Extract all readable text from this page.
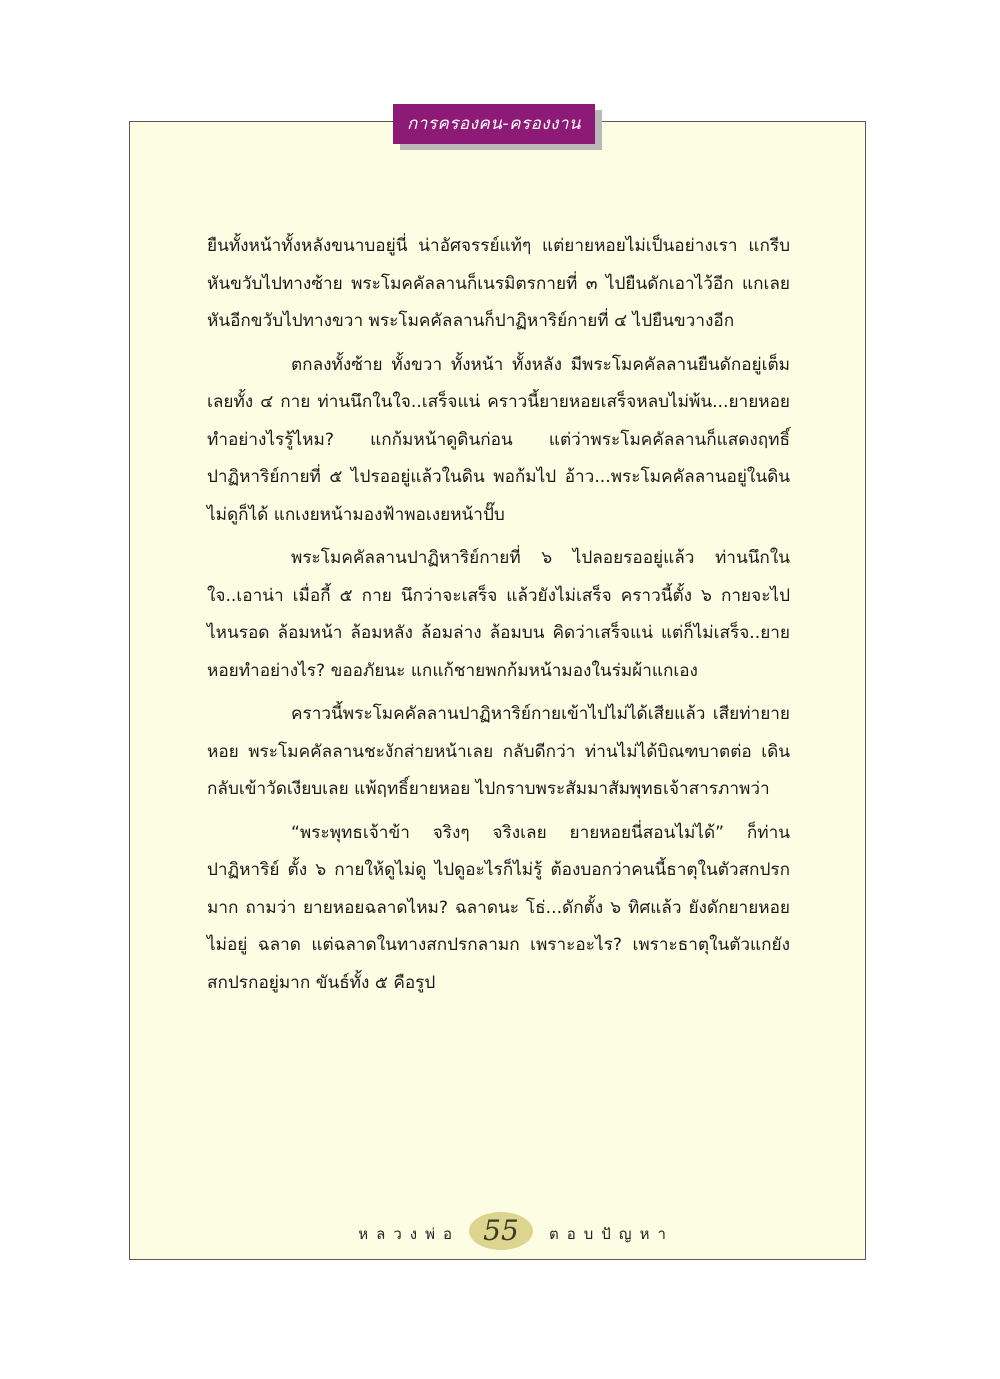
การครองคน-ครองงาน

ยืนทั้งหน้าทั้งหลังขนาบอยู่นี่ น่าอัศจรรย์แท้ๆ แต่ยายหอยไม่เป็นอย่างเรา แกรีบหันขวับไปทางซ้าย พระโมคคัลลานก็เนรมิตรกายที่ ๓ ไปยืนดักเอาไว้อีก แกเลยหันอีกขวับไปทางขวา พระโมคคัลลานก็ปาฏิหาริย์กายที่ ๔ ไปยืนขวางอีก

ตกลงทั้งซ้าย ทั้งขวา ทั้งหน้า ทั้งหลัง มีพระโมคคัลลานยืนดักอยู่เต็มเลยทั้ง ๔ กาย ท่านนึกในใจ..เสร็จแน่ คราวนี้ยายหอยเสร็จหลบไม่พ้น...ยายหอยทำอย่างไรรู้ไหม? แกก้มหน้าดูดินก่อน แต่ว่าพระโมคคัลลานก็แสดงฤทธิ์ปาฏิหาริย์กายที่ ๕ ไปรออยู่แล้วในดิน พอก้มไป อ้าว...พระโมคคัลลานอยู่ในดิน ไม่ดูก็ได้ แกเงยหน้ามองฟ้าพอเงยหน้าปั๊บ

พระโมคคัลลานปาฏิหาริย์กายที่ ๖ ไปลอยรออยู่แล้ว ท่านนึกในใจ..เอาน่า เมื่อกี้ ๕ กาย นึกว่าจะเสร็จ แล้วยังไม่เสร็จ คราวนี้ตั้ง ๖ กายจะไปไหนรอด ล้อมหน้า ล้อมหลัง ล้อมล่าง ล้อมบน คิดว่าเสร็จแน่ แต่ก็ไม่เสร็จ..ยายหอยทำอย่างไร? ขออภัยนะ แกแก้ชายพกก้มหน้ามองในร่มผ้าแกเอง

คราวนี้พระโมคคัลลานปาฏิหาริย์กายเข้าไปไม่ได้เสียแล้ว เสียท่ายายหอย พระโมคคัลลานชะงักส่ายหน้าเลย กลับดีกว่า ท่านไม่ได้บิณฑบาตต่อ เดินกลับเข้าวัดเงียบเลย แพ้ฤทธิ์ยายหอย ไปกราบพระสัมมาสัมพุทธเจ้าสารภาพว่า

“พระพุทธเจ้าข้า จริงๆ จริงเลย ยายหอยนี่สอนไม่ได้” ก็ท่านปาฏิหาริย์ ตั้ง ๖ กายให้ดูไม่ดู ไปดูอะไรก็ไม่รู้ ต้องบอกว่าคนนี้ธาตุในตัวสกปรกมาก ถามว่า ยายหอยฉลาดไหม? ฉลาดนะ โธ่...ดักตั้ง ๖ ทิศแล้ว ยังดักยายหอยไม่อยู่ ฉลาด แต่ฉลาดในทางสกปรกลามก เพราะอะไร? เพราะธาตุในตัวแกยังสกปรกอยู่มาก ขันธ์ทั้ง ๕ คือรูป

หลวงพ่อ 55	ตอบปัญหา
